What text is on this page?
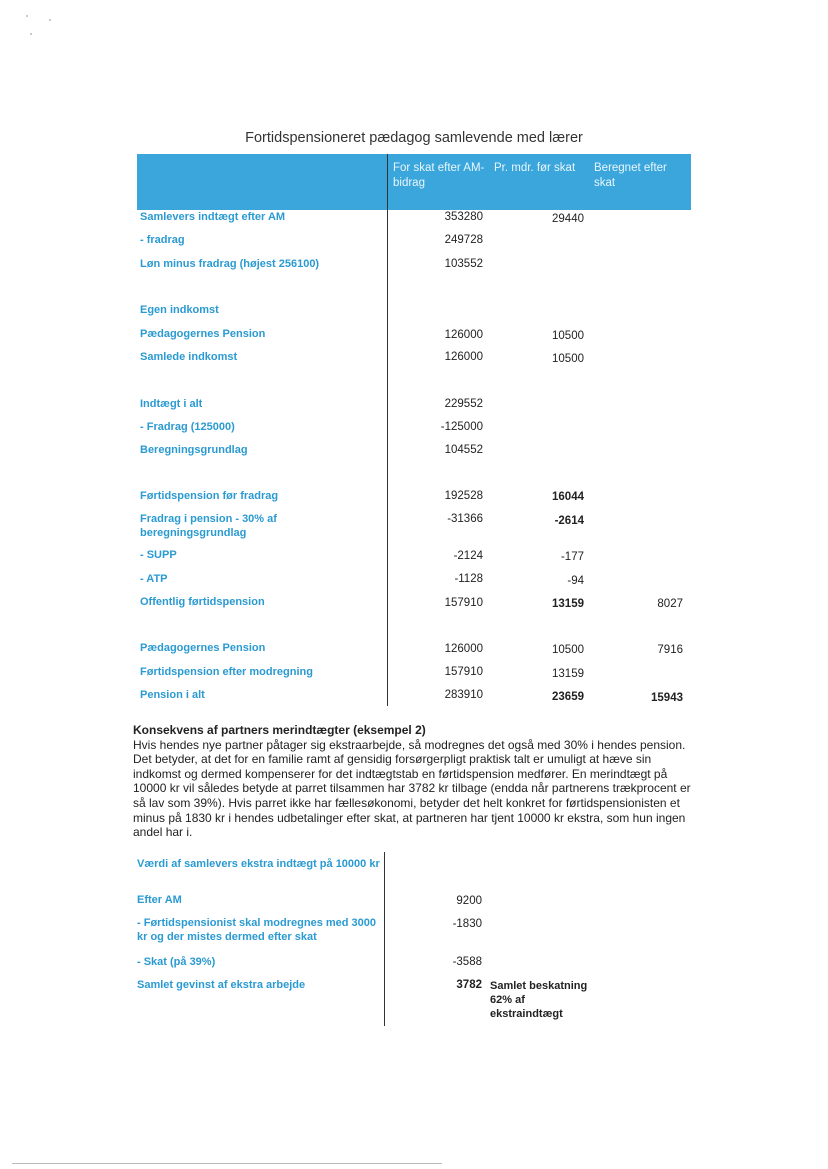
Fortidspensioneret pædagog samlevende med lærer
For skat efter AM-bidrag
Pr. mdr. før skat	Beregnet efter skat
Samlevers indtægt efter AM	353280	29440
- fradrag	249728
Løn minus fradrag (højest 256100)	103552
Egen indkomst
Pædagogernes Pension	126000	10500
Samlede indkomst	126000	10500
Indtægt i alt	229552
- Fradrag (125000)	-125000
Beregningsgrundlag	104552
Førtidspension før fradrag	192528	16044
Fradrag i pension - 30% af beregningsgrundlag
-31366	-2614
- SUPP	-2124	-177
- ATP	-1128	-94
Offentlig førtidspension	157910	13159	8027
Pædagogernes Pension	126000	10500	7916
Førtidspension efter modregning	157910	13159
Pension i alt	283910	23659	15943
Konsekvens af partners merindtægter (eksempel 2)
Hvis hendes nye partner påtager sig ekstraarbejde, så modregnes det også med 30% i hendes pension. Det betyder, at det for en familie ramt af gensidig forsørgerpligt praktisk talt er umuligt at hæve sin indkomst og dermed kompenserer for det indtægtstab en førtidspension medfører. En merindtægt på 10000 kr vil således betyde at parret tilsammen har 3782 kr tilbage (endda når partnerens trækprocent er så lav som 39%). Hvis parret ikke har fællesøkonomi, betyder det helt konkret for førtidspensionisten et minus på 1830 kr i hendes udbetalinger efter skat, at partneren har tjent 10000 kr ekstra, som hun ingen andel har i.
Værdi af samlevers ekstra indtægt på 10000 kr
Efter AM	9200
- Førtidspensionist skal modregnes med 3000 kr og der mistes dermed efter skat
-1830
- Skat (på 39%)	-3588
Samlet gevinst af ekstra arbejde	3782 Samlet beskatning 62% af ekstraindtægt
